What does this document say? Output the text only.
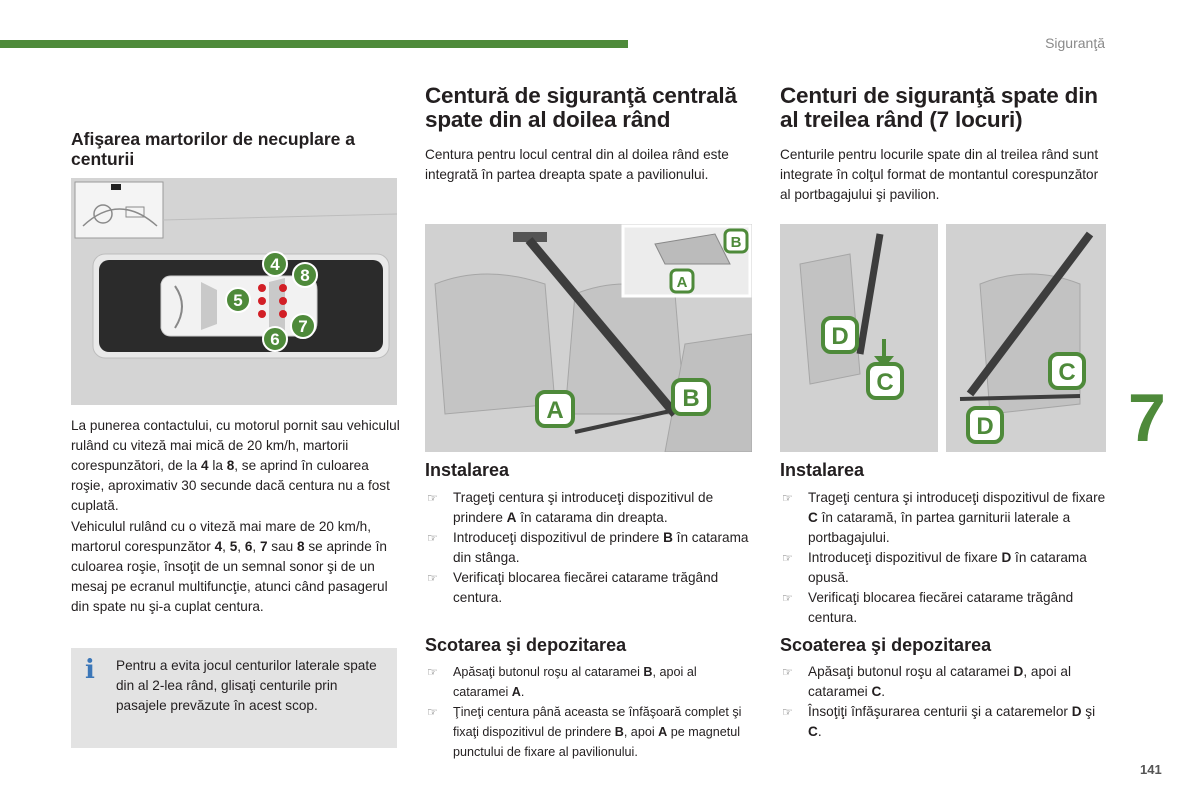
Siguranţă
7
141
Afişarea martorilor de necuplare a centurii
4
8
5
7
6

La punerea contactului, cu motorul pornit sau vehiculul rulând cu viteză mai mică de 20 km/h, martorii corespunzători, de la 4 la 8, se aprind în culoarea roşie, aproximativ 30 secunde dacă centura nu a fost cuplată.

Vehiculul rulând cu o viteză mai mare de 20 km/h, martorul corespunzător 4, 5, 6, 7 sau 8 se aprinde în culoarea roşie, însoţit de un semnal sonor şi de un mesaj pe ecranul multifuncţie, atunci când pasagerul din spate nu şi-a cuplat centura.

i	Pentru a evita jocul centurilor laterale spate din al 2-lea rând, glisaţi centurile prin pasajele prevăzute în acest scop.
Centură de siguranţă centrală spate din al doilea rând

Centura pentru locul central din al doilea rând este integrată în partea dreapta spate a pavilionului.

A	B
A
B
Instalarea
☞ Trageţi centura şi introduceţi dispozitivul de prindere A în catarama din dreapta.
☞ Introduceţi dispozitivul de prindere B în catarama din stânga.
☞ Verificaţi blocarea fiecărei catarame trăgând centura.
Scotarea şi depozitarea
☞ Apăsaţi butonul roşu al cataramei B, apoi al cataramei A.
☞ Ţineţi centura până aceasta se înfăşoară complet şi fixaţi dispozitivul de prindere B, apoi A pe magnetul punctului de fixare al pavilionului.
Centuri de siguranţă spate din al treilea rând (7 locuri)

Centurile pentru locurile spate din al treilea rând sunt integrate în colţul format de montantul corespunzător al portbagajului şi pavilion.

D
C	C
D
Instalarea
☞ Trageţi centura şi introduceţi dispozitivul de fixare C în cataramă, în partea garniturii laterale a portbagajului.
☞ Introduceţi dispozitivul de fixare D în catarama opusă.
☞ Verificaţi blocarea fiecărei catarame trăgând centura.
Scoaterea şi depozitarea
☞ Apăsaţi butonul roşu al cataramei D, apoi al cataramei C.
☞ Însoţiţi înfăşurarea centurii şi a cataremelor D şi C.
